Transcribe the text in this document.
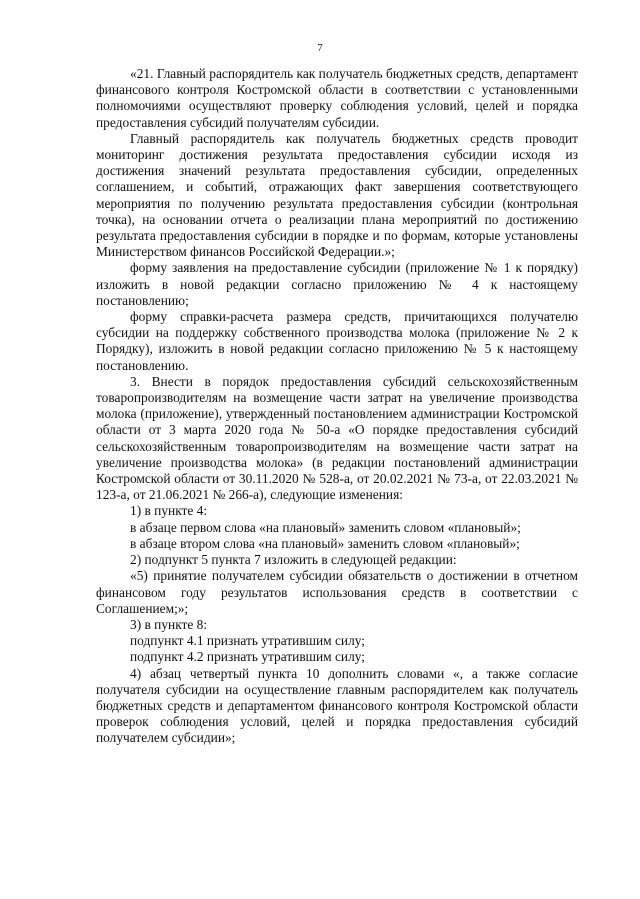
7

«21. Главный распорядитель как получатель бюджетных средств, департамент финансового контроля Костромской области в соответствии с установленными полномочиями осуществляют проверку соблюдения условий, целей и порядка предоставления субсидий получателям субсидии.

Главный распорядитель как получатель бюджетных средств проводит мониторинг достижения результата предоставления субсидии исходя из достижения значений результата предоставления субсидии, определенных соглашением, и событий, отражающих факт завершения соответствующего мероприятия по получению результата предоставления субсидии (контрольная точка), на основании отчета о реализации плана мероприятий по достижению результата предоставления субсидии в порядке и по формам, которые установлены Министерством финансов Российской Федерации.»;

форму заявления на предоставление субсидии (приложение № 1 к порядку) изложить в новой редакции согласно приложению № 4 к настоящему постановлению;

форму справки-расчета размера средств, причитающихся получателю субсидии на поддержку собственного производства молока (приложение № 2 к Порядку), изложить в новой редакции согласно приложению № 5 к настоящему постановлению.

3. Внести в порядок предоставления субсидий сельскохозяйственным товаропроизводителям на возмещение части затрат на увеличение производства молока (приложение), утвержденный постановлением администрации Костромской области от 3 марта 2020 года № 50-а «О порядке предоставления субсидий сельскохозяйственным товаропроизводителям на возмещение части затрат на увеличение производства молока» (в редакции постановлений администрации Костромской области от 30.11.2020 № 528-а, от 20.02.2021 № 73-а, от 22.03.2021 № 123-а, от 21.06.2021 № 266-а), следующие изменения:

1) в пункте 4:

в абзаце первом слова «на плановый» заменить словом «плановый»;

в абзаце втором слова «на плановый» заменить словом «плановый»;

2) подпункт 5 пункта 7 изложить в следующей редакции:

«5) принятие получателем субсидии обязательств о достижении в отчетном финансовом году результатов использования средств в соответствии с Соглашением;»;

3) в пункте 8:

подпункт 4.1 признать утратившим силу;

подпункт 4.2 признать утратившим силу;

4) абзац четвертый пункта 10 дополнить словами «, а также согласие получателя субсидии на осуществление главным распорядителем как получатель бюджетных средств и департаментом финансового контроля Костромской области проверок соблюдения условий, целей и порядка предоставления субсидий получателем субсидии»;
